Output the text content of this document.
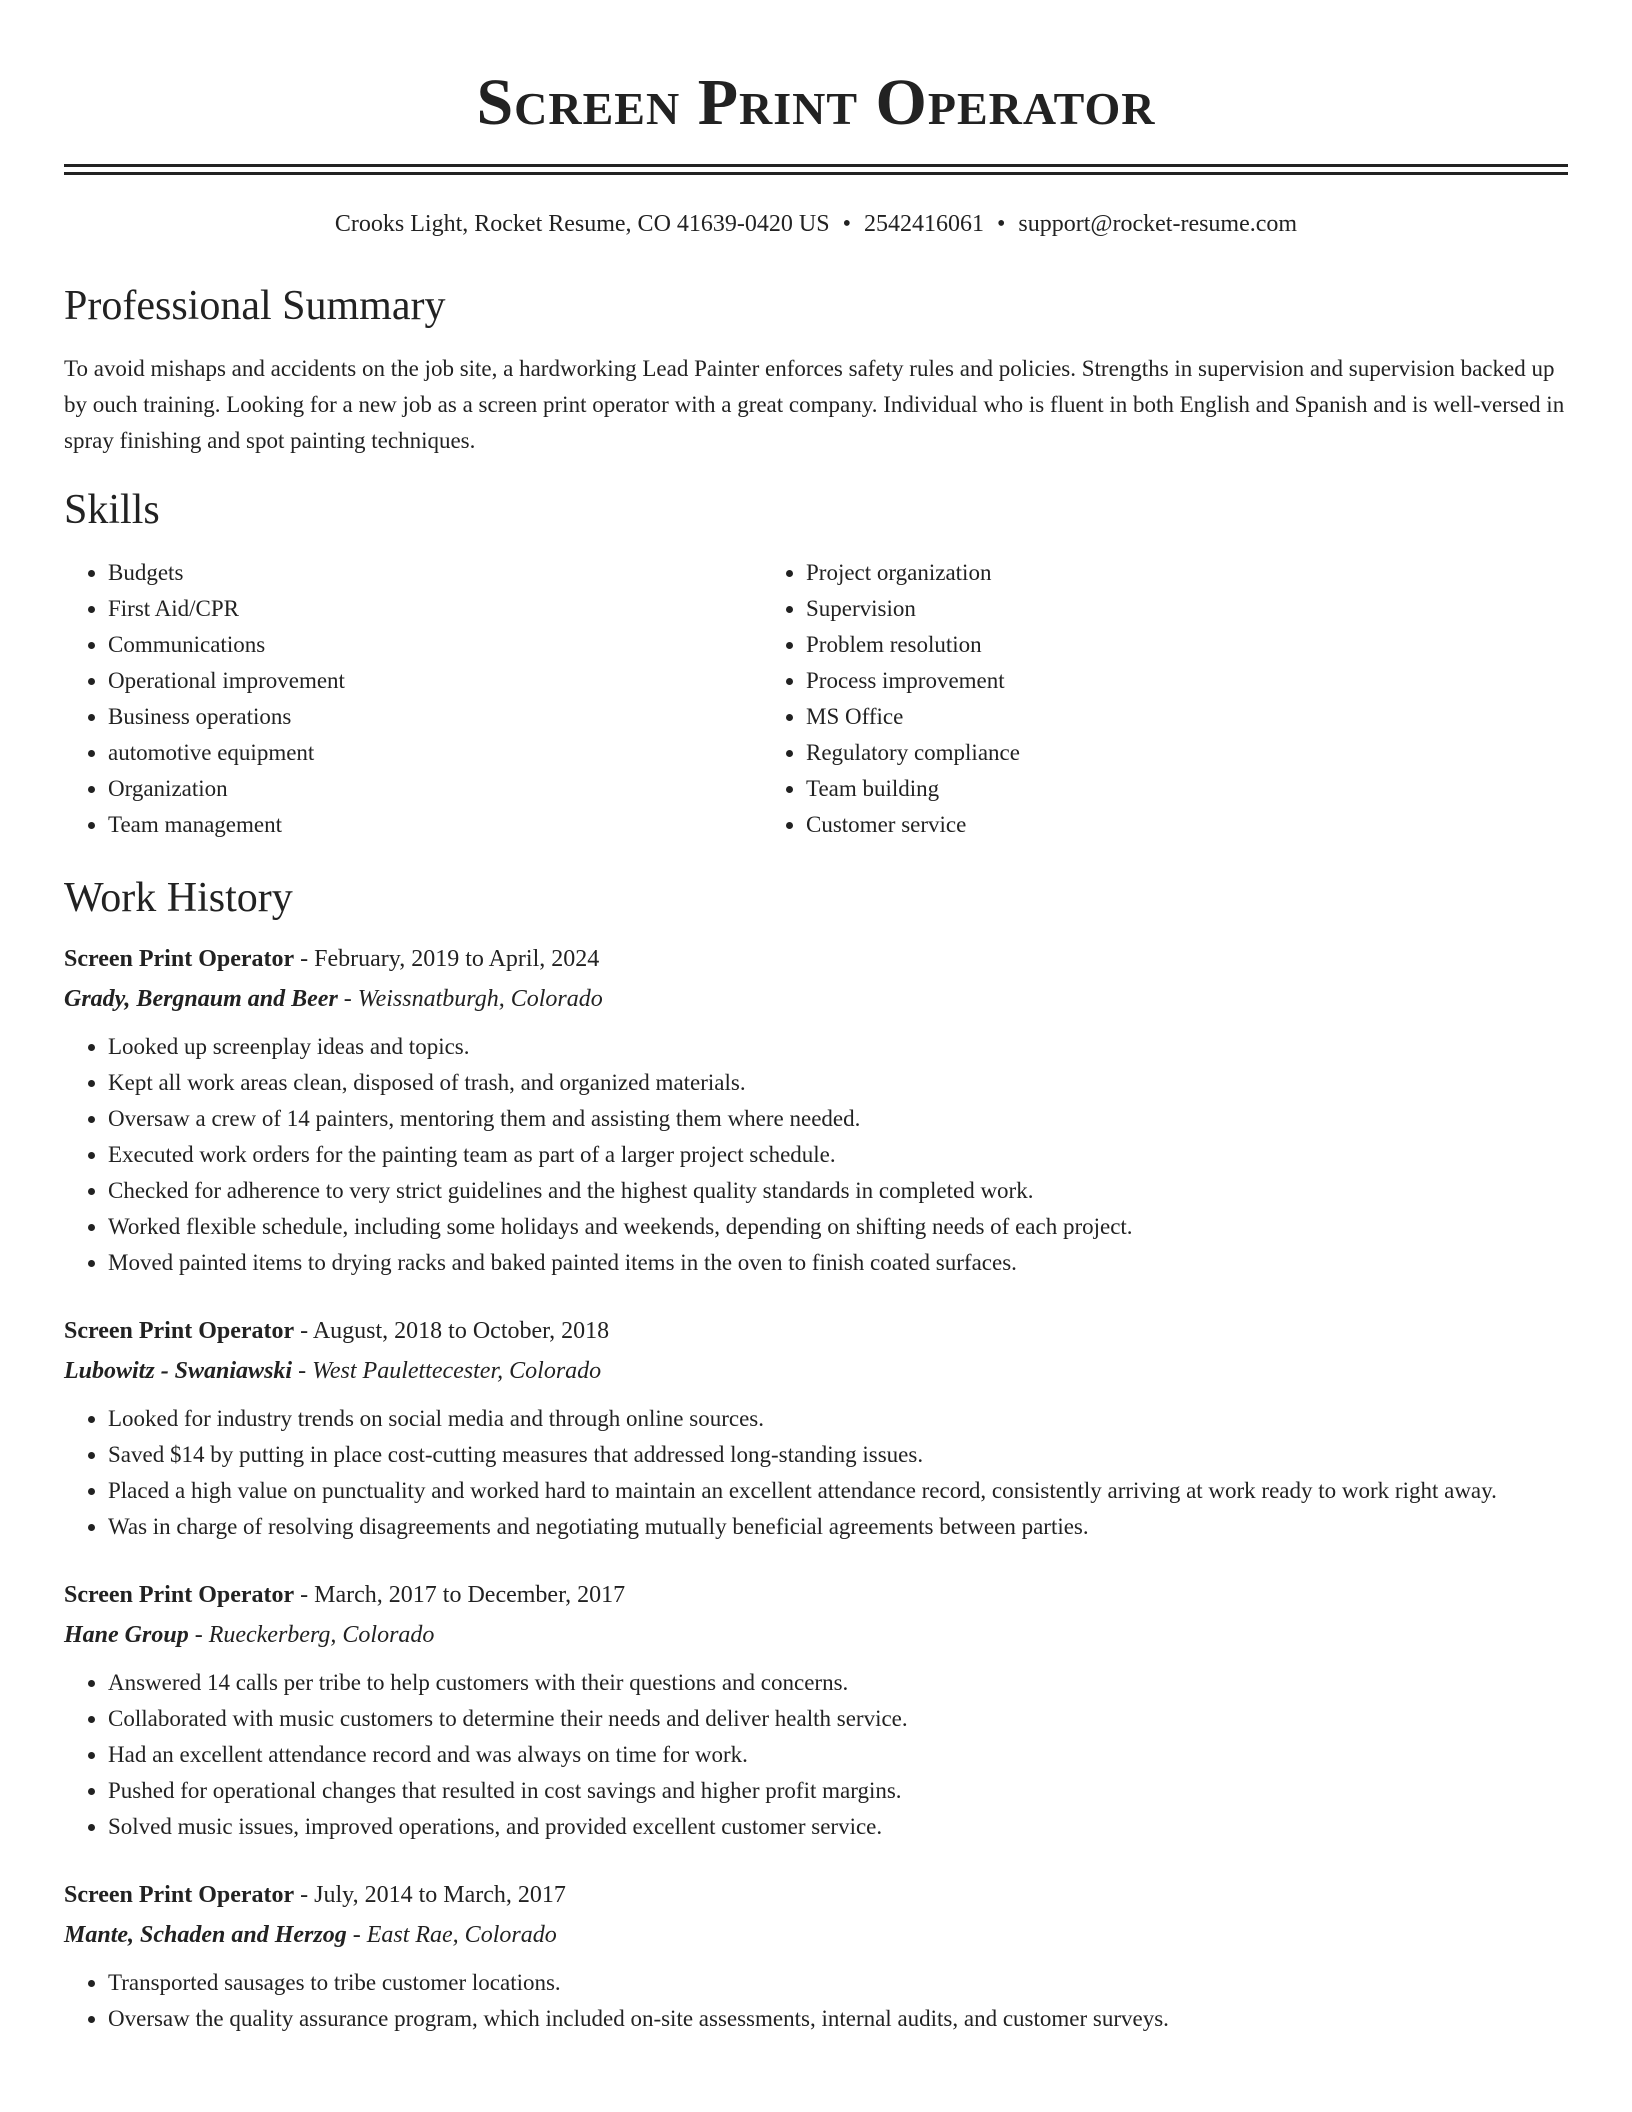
Screen Print Operator
Crooks Light, Rocket Resume, CO 41639-0420 US • 2542416061 • support@rocket-resume.com
Professional Summary
To avoid mishaps and accidents on the job site, a hardworking Lead Painter enforces safety rules and policies. Strengths in supervision and supervision backed up by ouch training. Looking for a new job as a screen print operator with a great company. Individual who is fluent in both English and Spanish and is well-versed in spray finishing and spot painting techniques.
Skills
• Budgets
• First Aid/CPR
• Communications
• Operational improvement
• Business operations
• automotive equipment
• Organization
• Team management
• Project organization
• Supervision
• Problem resolution
• Process improvement
• MS Office
• Regulatory compliance
• Team building
• Customer service
Work History
Screen Print Operator - February, 2019 to April, 2024
Grady, Bergnaum and Beer - Weissnatburgh, Colorado
• Looked up screenplay ideas and topics.
• Kept all work areas clean, disposed of trash, and organized materials.
• Oversaw a crew of 14 painters, mentoring them and assisting them where needed.
• Executed work orders for the painting team as part of a larger project schedule.
• Checked for adherence to very strict guidelines and the highest quality standards in completed work.
• Worked flexible schedule, including some holidays and weekends, depending on shifting needs of each project.
• Moved painted items to drying racks and baked painted items in the oven to finish coated surfaces.
Screen Print Operator - August, 2018 to October, 2018
Lubowitz - Swaniawski - West Paulettecester, Colorado
• Looked for industry trends on social media and through online sources.
• Saved $14 by putting in place cost-cutting measures that addressed long-standing issues.
• Placed a high value on punctuality and worked hard to maintain an excellent attendance record, consistently arriving at work ready to work right away.
• Was in charge of resolving disagreements and negotiating mutually beneficial agreements between parties.
Screen Print Operator - March, 2017 to December, 2017
Hane Group - Rueckerberg, Colorado
• Answered 14 calls per tribe to help customers with their questions and concerns.
• Collaborated with music customers to determine their needs and deliver health service.
• Had an excellent attendance record and was always on time for work.
• Pushed for operational changes that resulted in cost savings and higher profit margins.
• Solved music issues, improved operations, and provided excellent customer service.
Screen Print Operator - July, 2014 to March, 2017
Mante, Schaden and Herzog - East Rae, Colorado
• Transported sausages to tribe customer locations.
• Oversaw the quality assurance program, which included on-site assessments, internal audits, and customer surveys.
